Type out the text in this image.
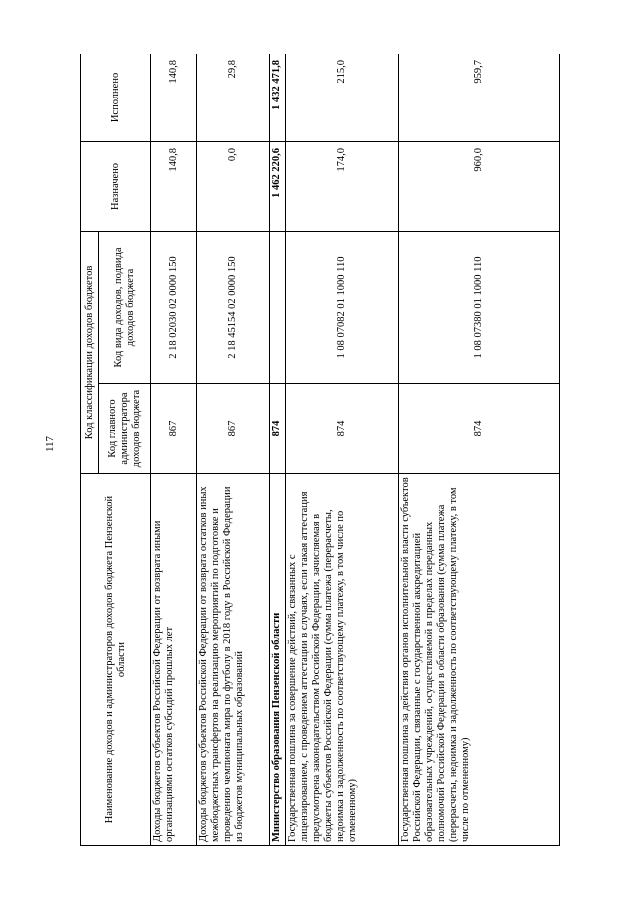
117
Наименование доходов и администраторов доходов бюджета Пензенской области	Код классификации доходов бюджетов		Назначено	Исполнено
	Код главного администратора доходов бюджета	Код вида доходов, подвида доходов бюджета		
Доходы бюджетов субъектов Российской Федерации от возврата иными организациями остатков субсидий прошлых лет	867	2 18 02030 02 0000 150	140,8	140,8
Доходы бюджетов субъектов Российской Федерации от возврата остатков иных межбюджетных трансфертов на реализацию мероприятий по подготовке и проведению чемпионата мира по футболу в 2018 году в Российской Федерации из бюджетов муниципальных образований	867	2 18 45154 02 0000 150	0,0	29,8
Министерство образования Пензенской области	874		1 462 220,6	1 432 471,8
Государственная пошлина за совершение действий, связанных с лицензированием, с проведением аттестации в случаях, если такая аттестация предусмотрена законодательством Российской Федерации, зачисляемая в бюджеты субъектов Российской Федерации (сумма платежа (перерасчеты, недоимка и задолженность по соответствующему платежу, в том числе по отмененному)	874	1 08 07082 01 1000 110	174,0	215,0
Государственная пошлина за действия органов исполнительной власти субъектов Российской Федерации, связанные с государственной аккредитацией образовательных учреждений, осуществляемой в пределах переданных полномочий Российской Федерации в области образования (сумма платежа (перерасчеты, недоимка и задолженность по соответствующему платежу, в том числе по отмененному)	874	1 08 07380 01 1000 110	960,0	959,7
